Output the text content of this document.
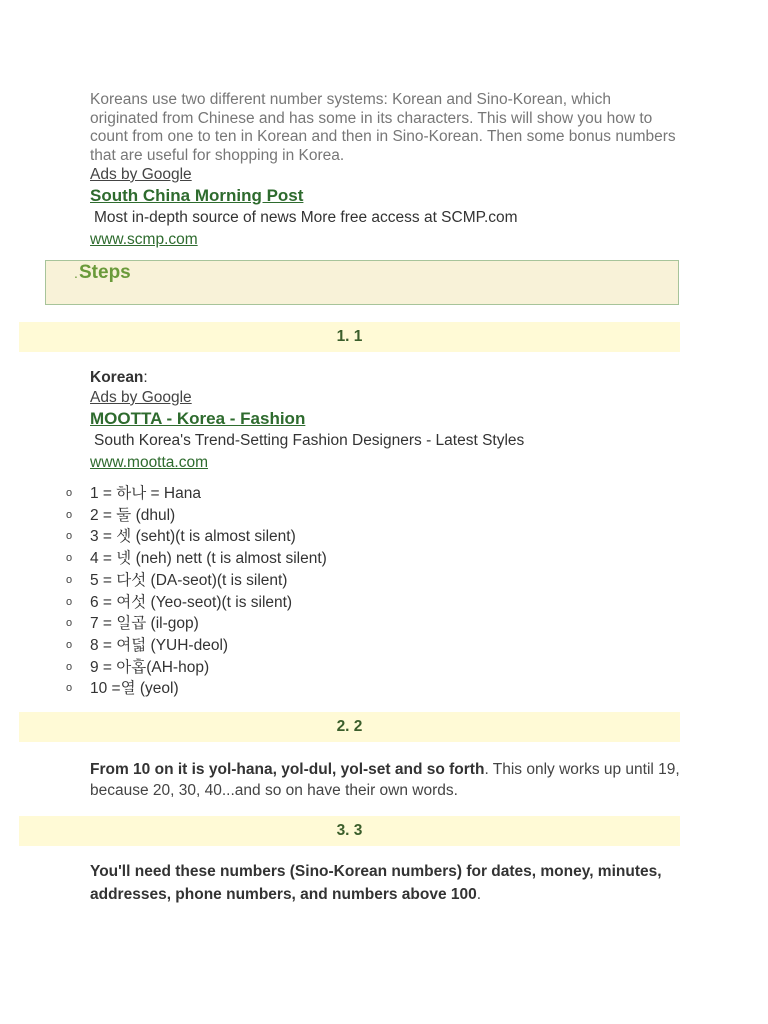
Koreans use two different number systems: Korean and Sino-Korean, which originated from Chinese and has some in its characters. This will show you how to count from one to ten in Korean and then in Sino-Korean. Then some bonus numbers that are useful for shopping in Korea.

Ads by Google
South China Morning Post
Most in-depth source of news More free access at SCMP.com
www.scmp.com
. Steps
1. 1
Korean:
Ads by Google
MOOTTA - Korea - Fashion
South Korea's Trend-Setting Fashion Designers - Latest Styles
www.mootta.com
o 1 = 하나 = Hana
o 2 = 둘 (dhul)
o 3 = 셋 (seht)(t is almost silent)
o 4 = 넷 (neh) nett (t is almost silent)
o 5 = 다섯 (DA-seot)(t is silent)
o 6 = 여섯 (Yeo-seot)(t is silent)
o 7 = 일곱 (il-gop)
o 8 = 여덟 (YUH-deol)
o 9 = 아홉(AH-hop)
o 10 =열 (yeol)
2. 2
From 10 on it is yol-hana, yol-dul, yol-set and so forth. This only works up until 19, because 20, 30, 40...and so on have their own words.
3. 3
You'll need these numbers (Sino-Korean numbers) for dates, money, minutes, addresses, phone numbers, and numbers above 100.
